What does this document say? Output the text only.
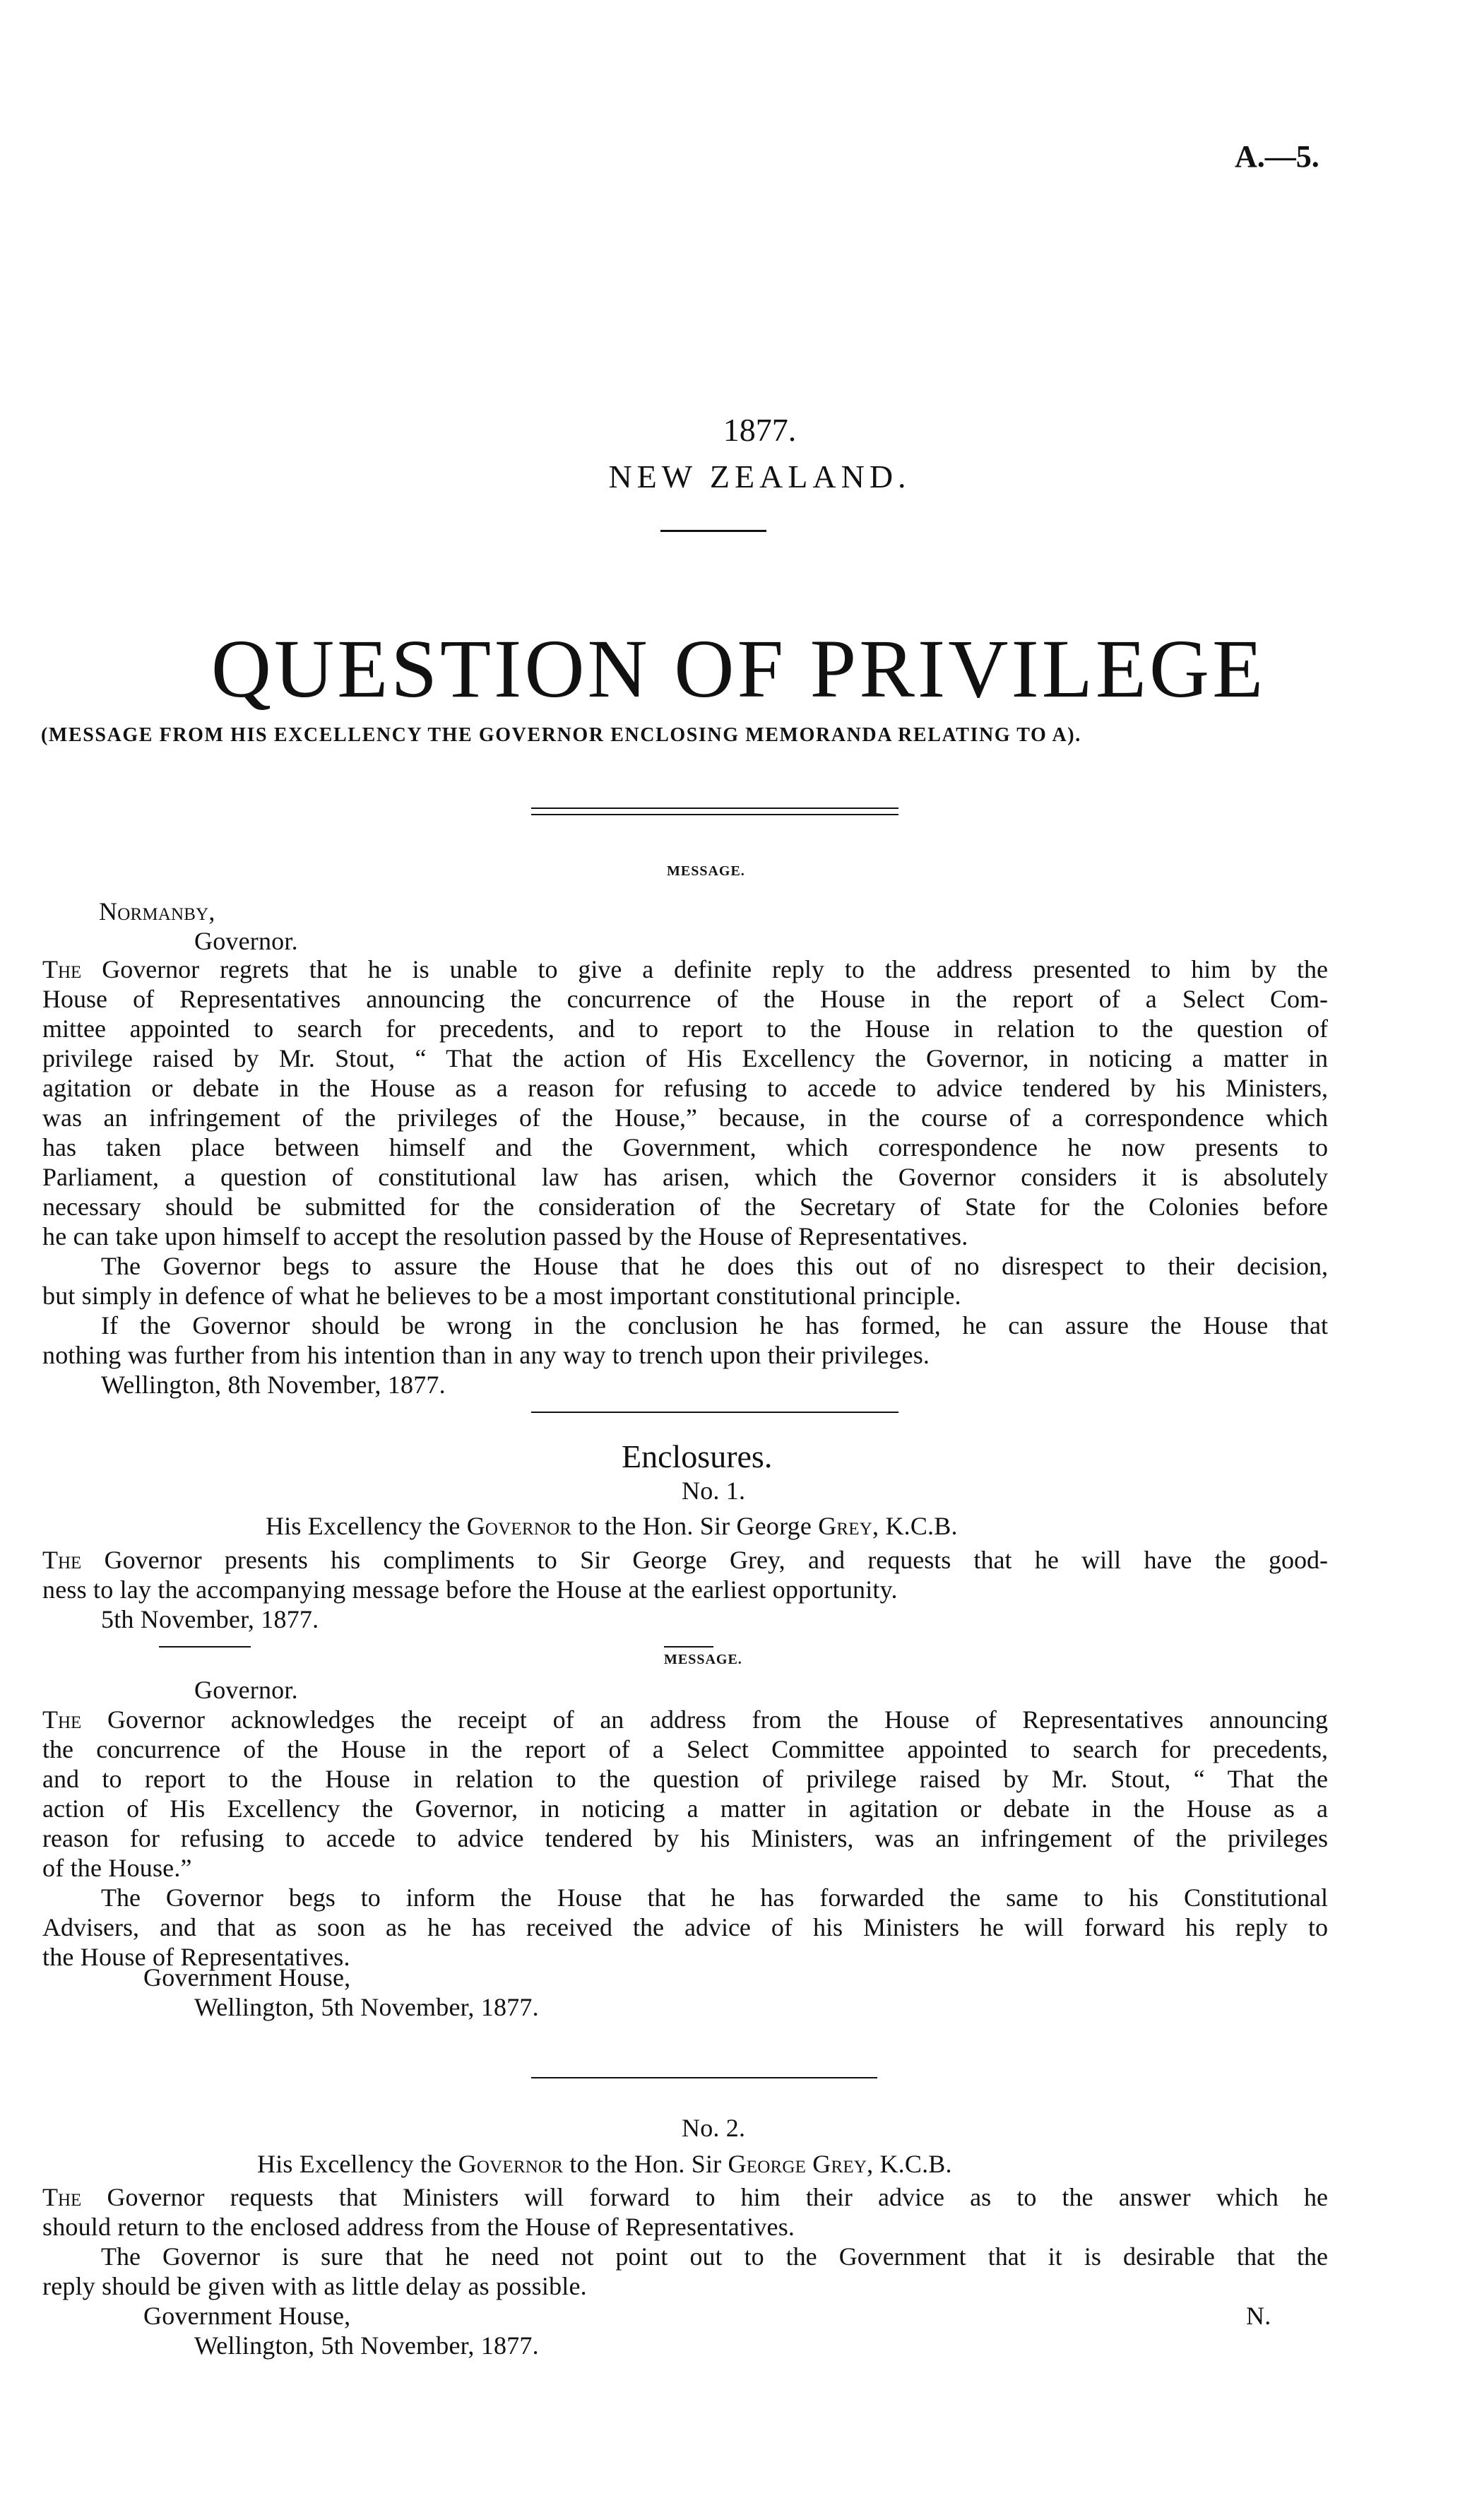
A.—5.
1877.
NEW ZEALAND.
QUESTION OF PRIVILEGE
(MESSAGE FROM HIS EXCELLENCY THE GOVERNOR ENCLOSING MEMORANDA RELATING TO A).
MESSAGE.
Normanby,
Governor.
The Governor regrets that he is unable to give a definite reply to the address presented to him by the
House of Representatives announcing the concurrence of the House in the report of a Select Com-
mittee appointed to search for precedents, and to report to the House in relation to the question of
privilege raised by Mr. Stout, “ That the action of His Excellency the Governor, in noticing a matter in
agitation or debate in the House as a reason for refusing to accede to advice tendered by his Ministers,
was an infringement of the privileges of the House,” because, in the course of a correspondence which
has taken place between himself and the Government, which correspondence he now presents to
Parliament, a question of constitutional law has arisen, which the Governor considers it is absolutely
necessary should be submitted for the consideration of the Secretary of State for the Colonies before
he can take upon himself to accept the resolution passed by the House of Representatives.
The Governor begs to assure the House that he does this out of no disrespect to their decision,
but simply in defence of what he believes to be a most important constitutional principle.
If the Governor should be wrong in the conclusion he has formed, he can assure the House that
nothing was further from his intention than in any way to trench upon their privileges.
Wellington, 8th November, 1877.
Enclosures.
No. 1.
His Excellency the Governor to the Hon. Sir George Grey, K.C.B.
The Governor presents his compliments to Sir George Grey, and requests that he will have the good-
ness to lay the accompanying message before the House at the earliest opportunity.
5th November, 1877.
MESSAGE.
Governor.
The Governor acknowledges the receipt of an address from the House of Representatives announcing
the concurrence of the House in the report of a Select Committee appointed to search for precedents,
and to report to the House in relation to the question of privilege raised by Mr. Stout, “ That the
action of His Excellency the Governor, in noticing a matter in agitation or debate in the House as a
reason for refusing to accede to advice tendered by his Ministers, was an infringement of the privileges
of the House.”
The Governor begs to inform the House that he has forwarded the same to his Constitutional
Advisers, and that as soon as he has received the advice of his Ministers he will forward his reply to
the House of Representatives.
Government House,
Wellington, 5th November, 1877.
No. 2.
His Excellency the Governor to the Hon. Sir George Grey, K.C.B.
The Governor requests that Ministers will forward to him their advice as to the answer which he
should return to the enclosed address from the House of Representatives.
The Governor is sure that he need not point out to the Government that it is desirable that the
reply should be given with as little delay as possible.
Government House,	N.
Wellington, 5th November, 1877.
